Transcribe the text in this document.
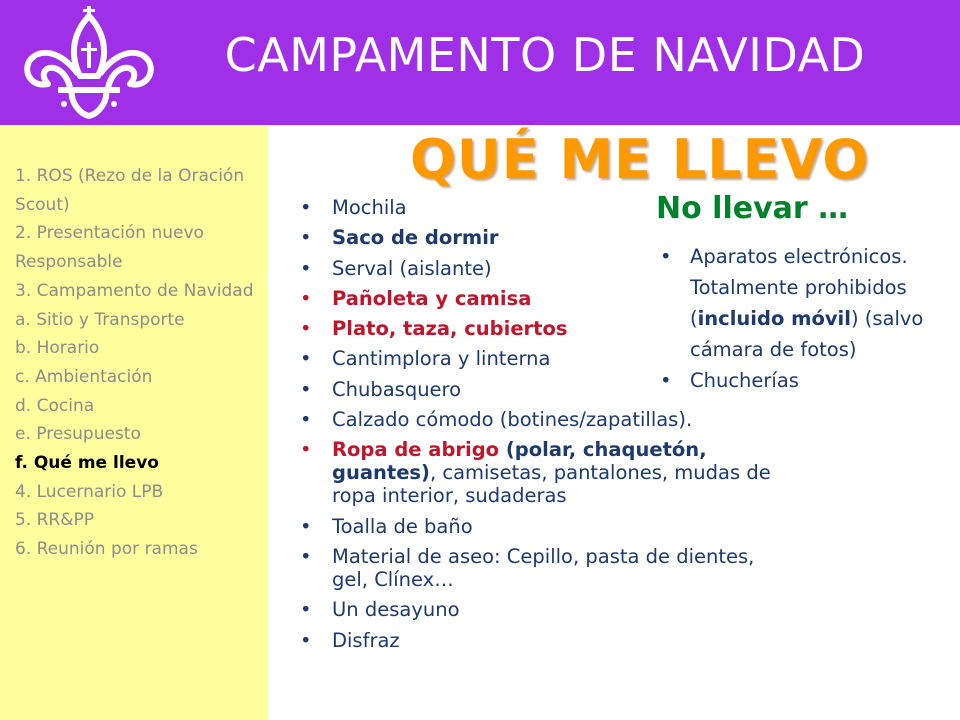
CAMPAMENTO DE NAVIDAD
1. ROS (Rezo de la Oración Scout)
2. Presentación nuevo Responsable
3. Campamento de Navidad
a. Sitio y Transporte
b. Horario
c. Ambientación
d. Cocina
e. Presupuesto
f. Qué me llevo
4. Lucernario LPB
5. RR&PP
6. Reunión por ramas
QUÉ ME LLEVO
• Mochila
• Saco de dormir
• Serval (aislante)
• Pañoleta y camisa
• Plato, taza, cubiertos
• Cantimplora y linterna
• Chubasquero
• Calzado cómodo (botines/zapatillas).
• Ropa de abrigo (polar, chaquetón, guantes), camisetas, pantalones, mudas de ropa interior, sudaderas
• Toalla de baño
• Material de aseo: Cepillo, pasta de dientes, gel, Clínex…
• Un desayuno
• Disfraz
No llevar …
• Aparatos electrónicos. Totalmente prohibidos (incluido móvil) (salvo cámara de fotos)
• Chucherías
